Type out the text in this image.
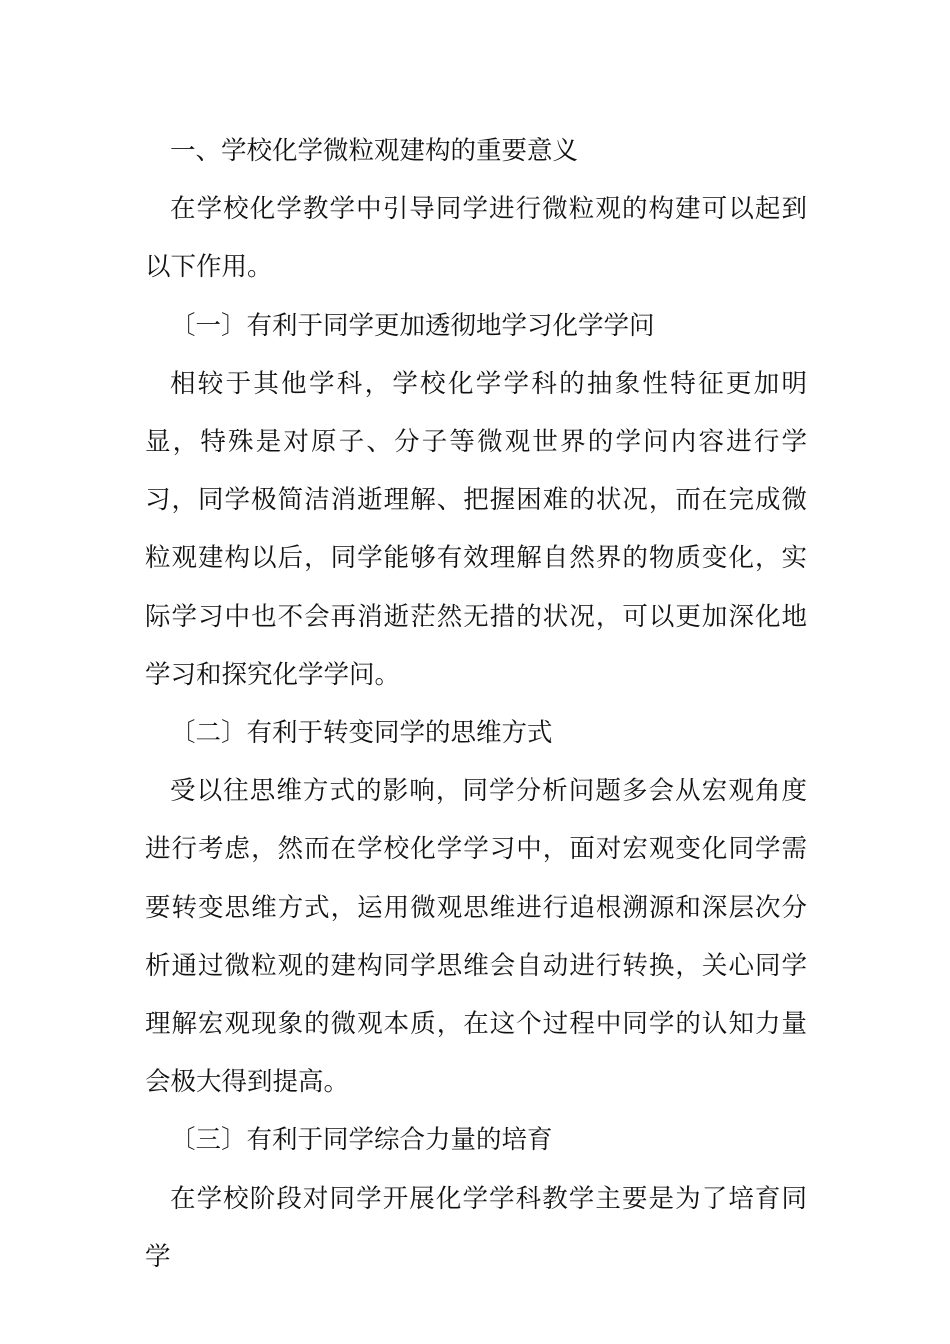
一、学校化学微粒观建构的重要意义

在学校化学教学中引导同学进行微粒观的构建可以起到以下作用。

〔一〕有利于同学更加透彻地学习化学学问

相较于其他学科，学校化学学科的抽象性特征更加明显，特殊是对原子、分子等微观世界的学问内容进行学习，同学极简洁消逝理解、把握困难的状况，而在完成微粒观建构以后，同学能够有效理解自然界的物质变化，实际学习中也不会再消逝茫然无措的状况，可以更加深化地学习和探究化学学问。

〔二〕有利于转变同学的思维方式

受以往思维方式的影响，同学分析问题多会从宏观角度进行考虑，然而在学校化学学习中，面对宏观变化同学需要转变思维方式，运用微观思维进行追根溯源和深层次分析通过微粒观的建构同学思维会自动进行转换，关心同学理解宏观现象的微观本质，在这个过程中同学的认知力量会极大得到提高。

〔三〕有利于同学综合力量的培育

在学校阶段对同学开展化学学科教学主要是为了培育同学
